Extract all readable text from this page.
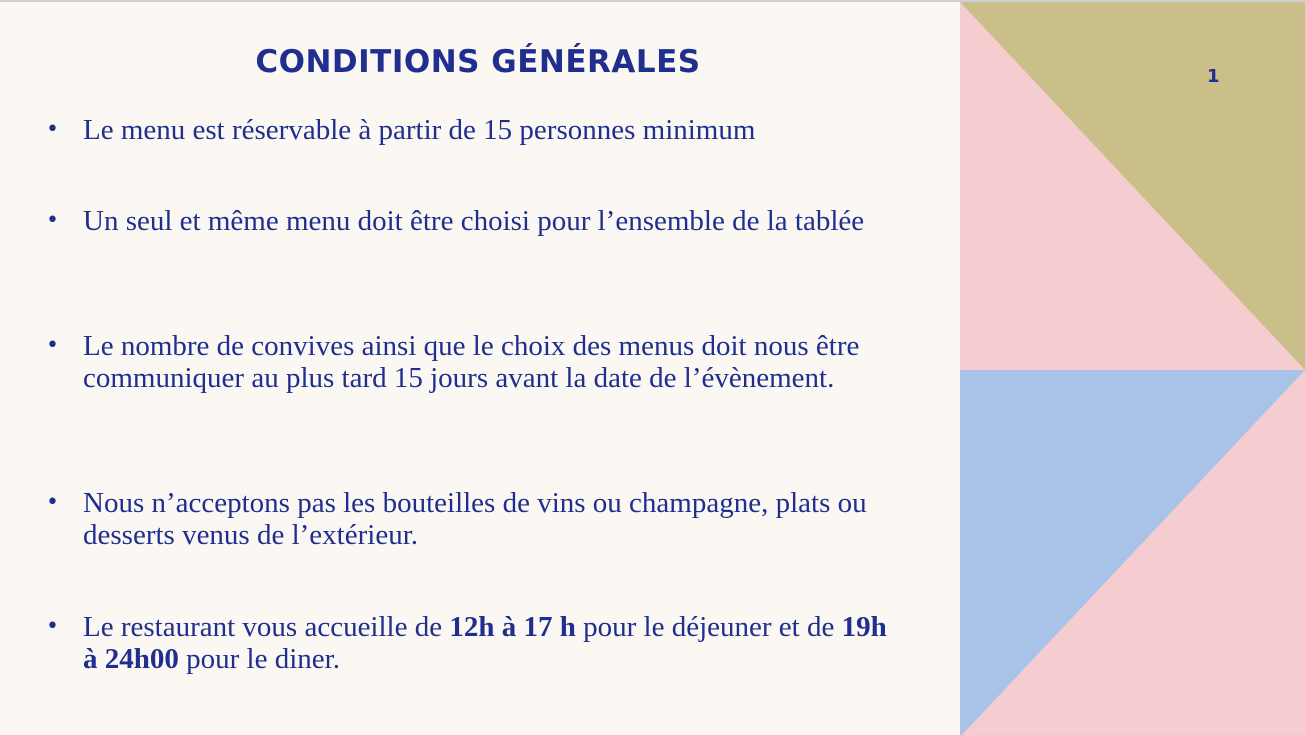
CONDITIONS GÉNÉRALES	1
• Le menu est réservable à partir de 15 personnes minimum
• Un seul et même menu doit être choisi pour l’ensemble de la tablée
• Le nombre de convives ainsi que le choix des menus doit nous être communiquer au plus tard 15 jours avant la date de l’évènement.
• Nous n’acceptons pas les bouteilles de vins ou champagne, plats ou desserts venus de l’extérieur.
• Le restaurant vous accueille de 12h à 17 h pour le déjeuner et de 19h à 24h00 pour le diner.
